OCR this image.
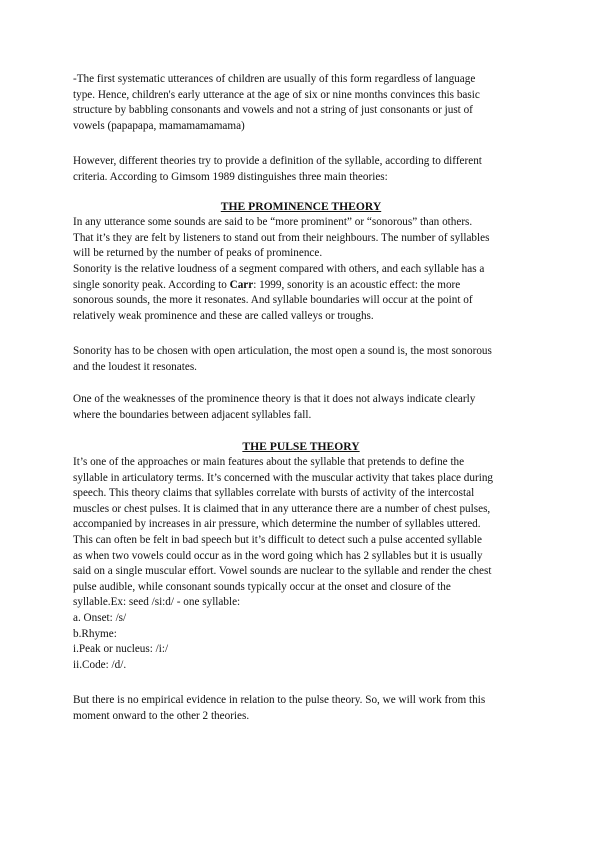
-The first systematic utterances of children are usually of this form regardless of language
type. Hence, children's early utterance at the age of six or nine months convinces this basic
structure by babbling consonants and vowels and not a string of just consonants or just of
vowels (papapapa, mamamamamama)
However, different theories try to provide a definition of the syllable, according to different
criteria. According to Gimsom 1989 distinguishes three main theories:
THE PROMINENCE THEORY
In any utterance some sounds are said to be “more prominent” or “sonorous” than others.
That it’s they are felt by listeners to stand out from their neighbours. The number of syllables
will be returned by the number of peaks of prominence.
Sonority is the relative loudness of a segment compared with others, and each syllable has a
single sonority peak. According to Carr: 1999, sonority is an acoustic effect: the more
sonorous sounds, the more it resonates. And syllable boundaries will occur at the point of
relatively weak prominence and these are called valleys or troughs.
Sonority has to be chosen with open articulation, the most open a sound is, the most sonorous
and the loudest it resonates.
One of the weaknesses of the prominence theory is that it does not always indicate clearly
where the boundaries between adjacent syllables fall.
THE PULSE THEORY
It’s one of the approaches or main features about the syllable that pretends to define the
syllable in articulatory terms. It’s concerned with the muscular activity that takes place during
speech. This theory claims that syllables correlate with bursts of activity of the intercostal
muscles or chest pulses. It is claimed that in any utterance there are a number of chest pulses,
accompanied by increases in air pressure, which determine the number of syllables uttered.
This can often be felt in bad speech but it’s difficult to detect such a pulse accented syllable
as when two vowels could occur as in the word going which has 2 syllables but it is usually
said on a single muscular effort. Vowel sounds are nuclear to the syllable and render the chest
pulse audible, while consonant sounds typically occur at the onset and closure of the
syllable.Ex: seed /si:d/ - one syllable:
a. Onset: /s/
b.Rhyme:
i.Peak or nucleus: /i:/
ii.Code: /d/.
But there is no empirical evidence in relation to the pulse theory. So, we will work from this
moment onward to the other 2 theories.
